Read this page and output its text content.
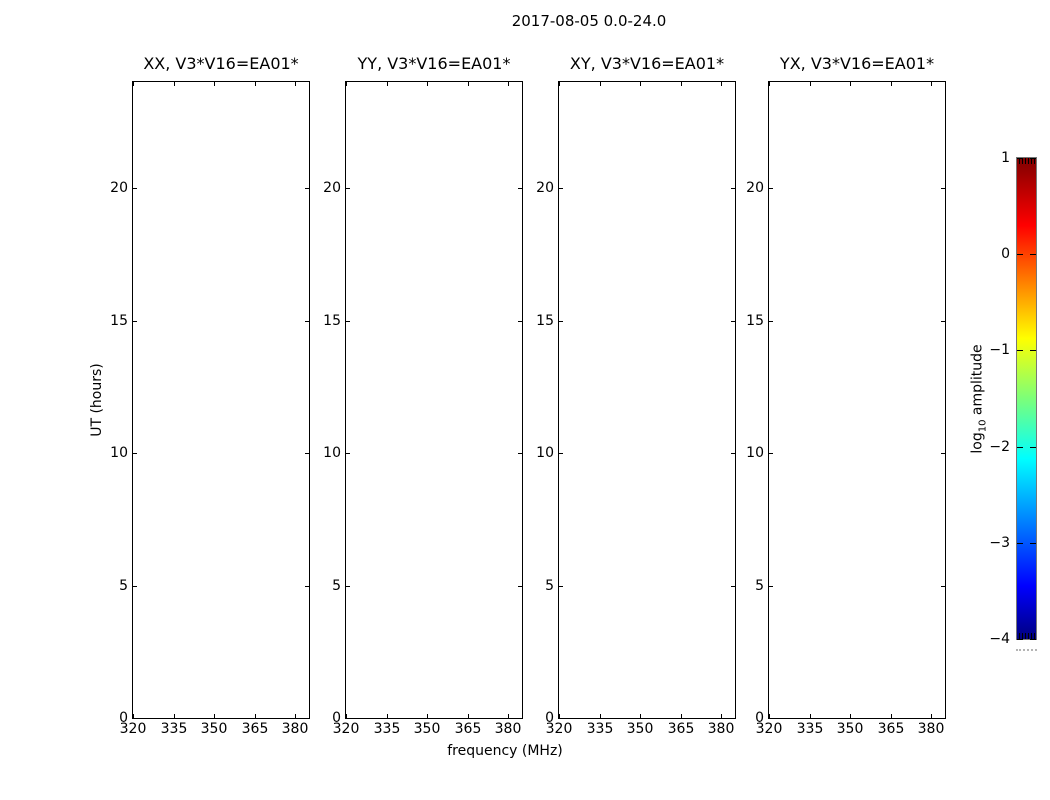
2017-08-05 0.0-24.0
XX, V3*V16=EA01*
320	335 350	365 380
0
5
10
15
20
YY, V3*V16=EA01*
320	335 350	365 380
0
5
10
15
20
XY, V3*V16=EA01*
320	335 350	365 380
0
5
10
15
20
YX, V3*V16=EA01*
320	335 350	365 380
0
5
10
15
20
UT (hours)
frequency (MHz)
1
0
−1
−2
−3
−4
$\log_{10}$ amplitude
